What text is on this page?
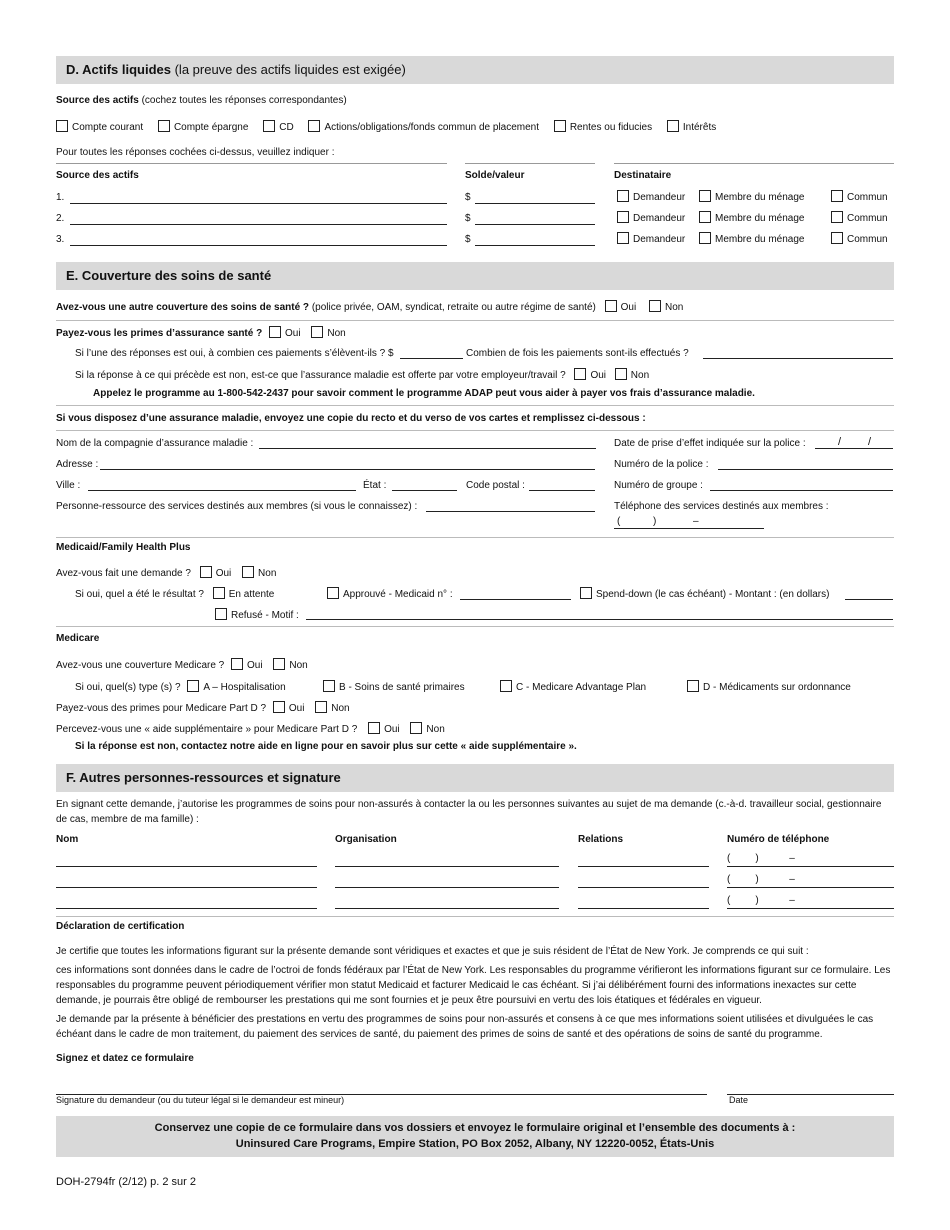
D. Actifs liquides (la preuve des actifs liquides est exigée)
Source des actifs (cochez toutes les réponses correspondantes)
Compte courant	Compte épargne	CD	Actions/obligations/fonds commun de placement	Rentes ou fiducies	Intérêts
Pour toutes les réponses cochées ci-dessus, veuillez indiquer :
Source des actifs	Solde/valeur	Destinataire
1.	$	Demandeur	Membre du ménage	Commun
2.	$	Demandeur	Membre du ménage	Commun
3.	$	Demandeur	Membre du ménage	Commun
E. Couverture des soins de santé
Avez-vous une autre couverture des soins de santé ? (police privée, OAM, syndicat, retraite ou autre régime de santé) Oui	Non
Payez-vous les primes d’assurance santé ? Oui	Non
Si l’une des réponses est oui, à combien ces paiements s’élèvent-ils ? $	Combien de fois les paiements sont-ils effectués ?
Si la réponse à ce qui précède est non, est-ce que l’assurance maladie est offerte par votre employeur/travail ? Oui Non
Appelez le programme au 1-800-542-2437 pour savoir comment le programme ADAP peut vous aider à payer vos frais d’assurance maladie.
Si vous disposez d’une assurance maladie, envoyez une copie du recto et du verso de vos cartes et remplissez ci-dessous :
Nom de la compagnie d’assurance maladie :	Date de prise d’effet indiquée sur la police :	/ /
Adresse :	Numéro de la police :
Ville :	État :	Code postal :	Numéro de groupe :
Personne-ressource des services destinés aux membres (si vous le connaissez) :	Téléphone des services destinés aux membres :
(	)	–
Medicaid/Family Health Plus
Avez-vous fait une demande ? Oui	Non
Si oui, quel a été le résultat ? En attente	Approuvé - Medicaid n° :	Spend-down (le cas échéant) - Montant : (en dollars)
Refusé - Motif :
Medicare
Avez-vous une couverture Medicare ? Oui	Non
Si oui, quel(s) type (s) ? A – Hospitalisation	B - Soins de santé primaires	C - Medicare Advantage Plan	D - Médicaments sur ordonnance
Payez-vous des primes pour Medicare Part D ? Oui	Non
Percevez-vous une « aide supplémentaire » pour Medicare Part D ?	Oui	Non
Si la réponse est non, contactez notre aide en ligne pour en savoir plus sur cette « aide supplémentaire ».
F. Autres personnes-ressources et signature
En signant cette demande, j’autorise les programmes de soins pour non-assurés à contacter la ou les personnes suivantes au sujet de ma demande (c.-à-d. travailleur social, gestionnaire de cas, membre de ma famille) :
Nom	Organisation	Relations	Numéro de téléphone
(         )           –
(         )           –
(         )           –
Déclaration de certification
Je certifie que toutes les informations figurant sur la présente demande sont véridiques et exactes et que je suis résident de l’État de New York. Je comprends ce qui suit :
ces informations sont données dans le cadre de l’octroi de fonds fédéraux par l’État de New York. Les responsables du programme vérifieront les informations figurant sur ce formulaire. Les responsables du programme peuvent périodiquement vérifier mon statut Medicaid et facturer Medicaid le cas échéant. Si j’ai délibérément fourni des informations inexactes sur cette demande, je pourrais être obligé de rembourser les prestations qui me sont fournies et je peux être poursuivi en vertu des lois étatiques et fédérales en vigueur.
Je demande par la présente à bénéficier des prestations en vertu des programmes de soins pour non-assurés et consens à ce que mes informations soient utilisées et divulguées le cas échéant dans le cadre de mon traitement, du paiement des services de santé, du paiement des primes de soins de santé et des opérations de soins de santé du programme.
Signez et datez ce formulaire
Signature du demandeur (ou du tuteur légal si le demandeur est mineur)	Date
Conservez une copie de ce formulaire dans vos dossiers et envoyez le formulaire original et l’ensemble des documents à :
Uninsured Care Programs, Empire Station, PO Box 2052, Albany, NY 12220-0052, États-Unis
DOH-2794fr (2/12) p. 2 sur 2
